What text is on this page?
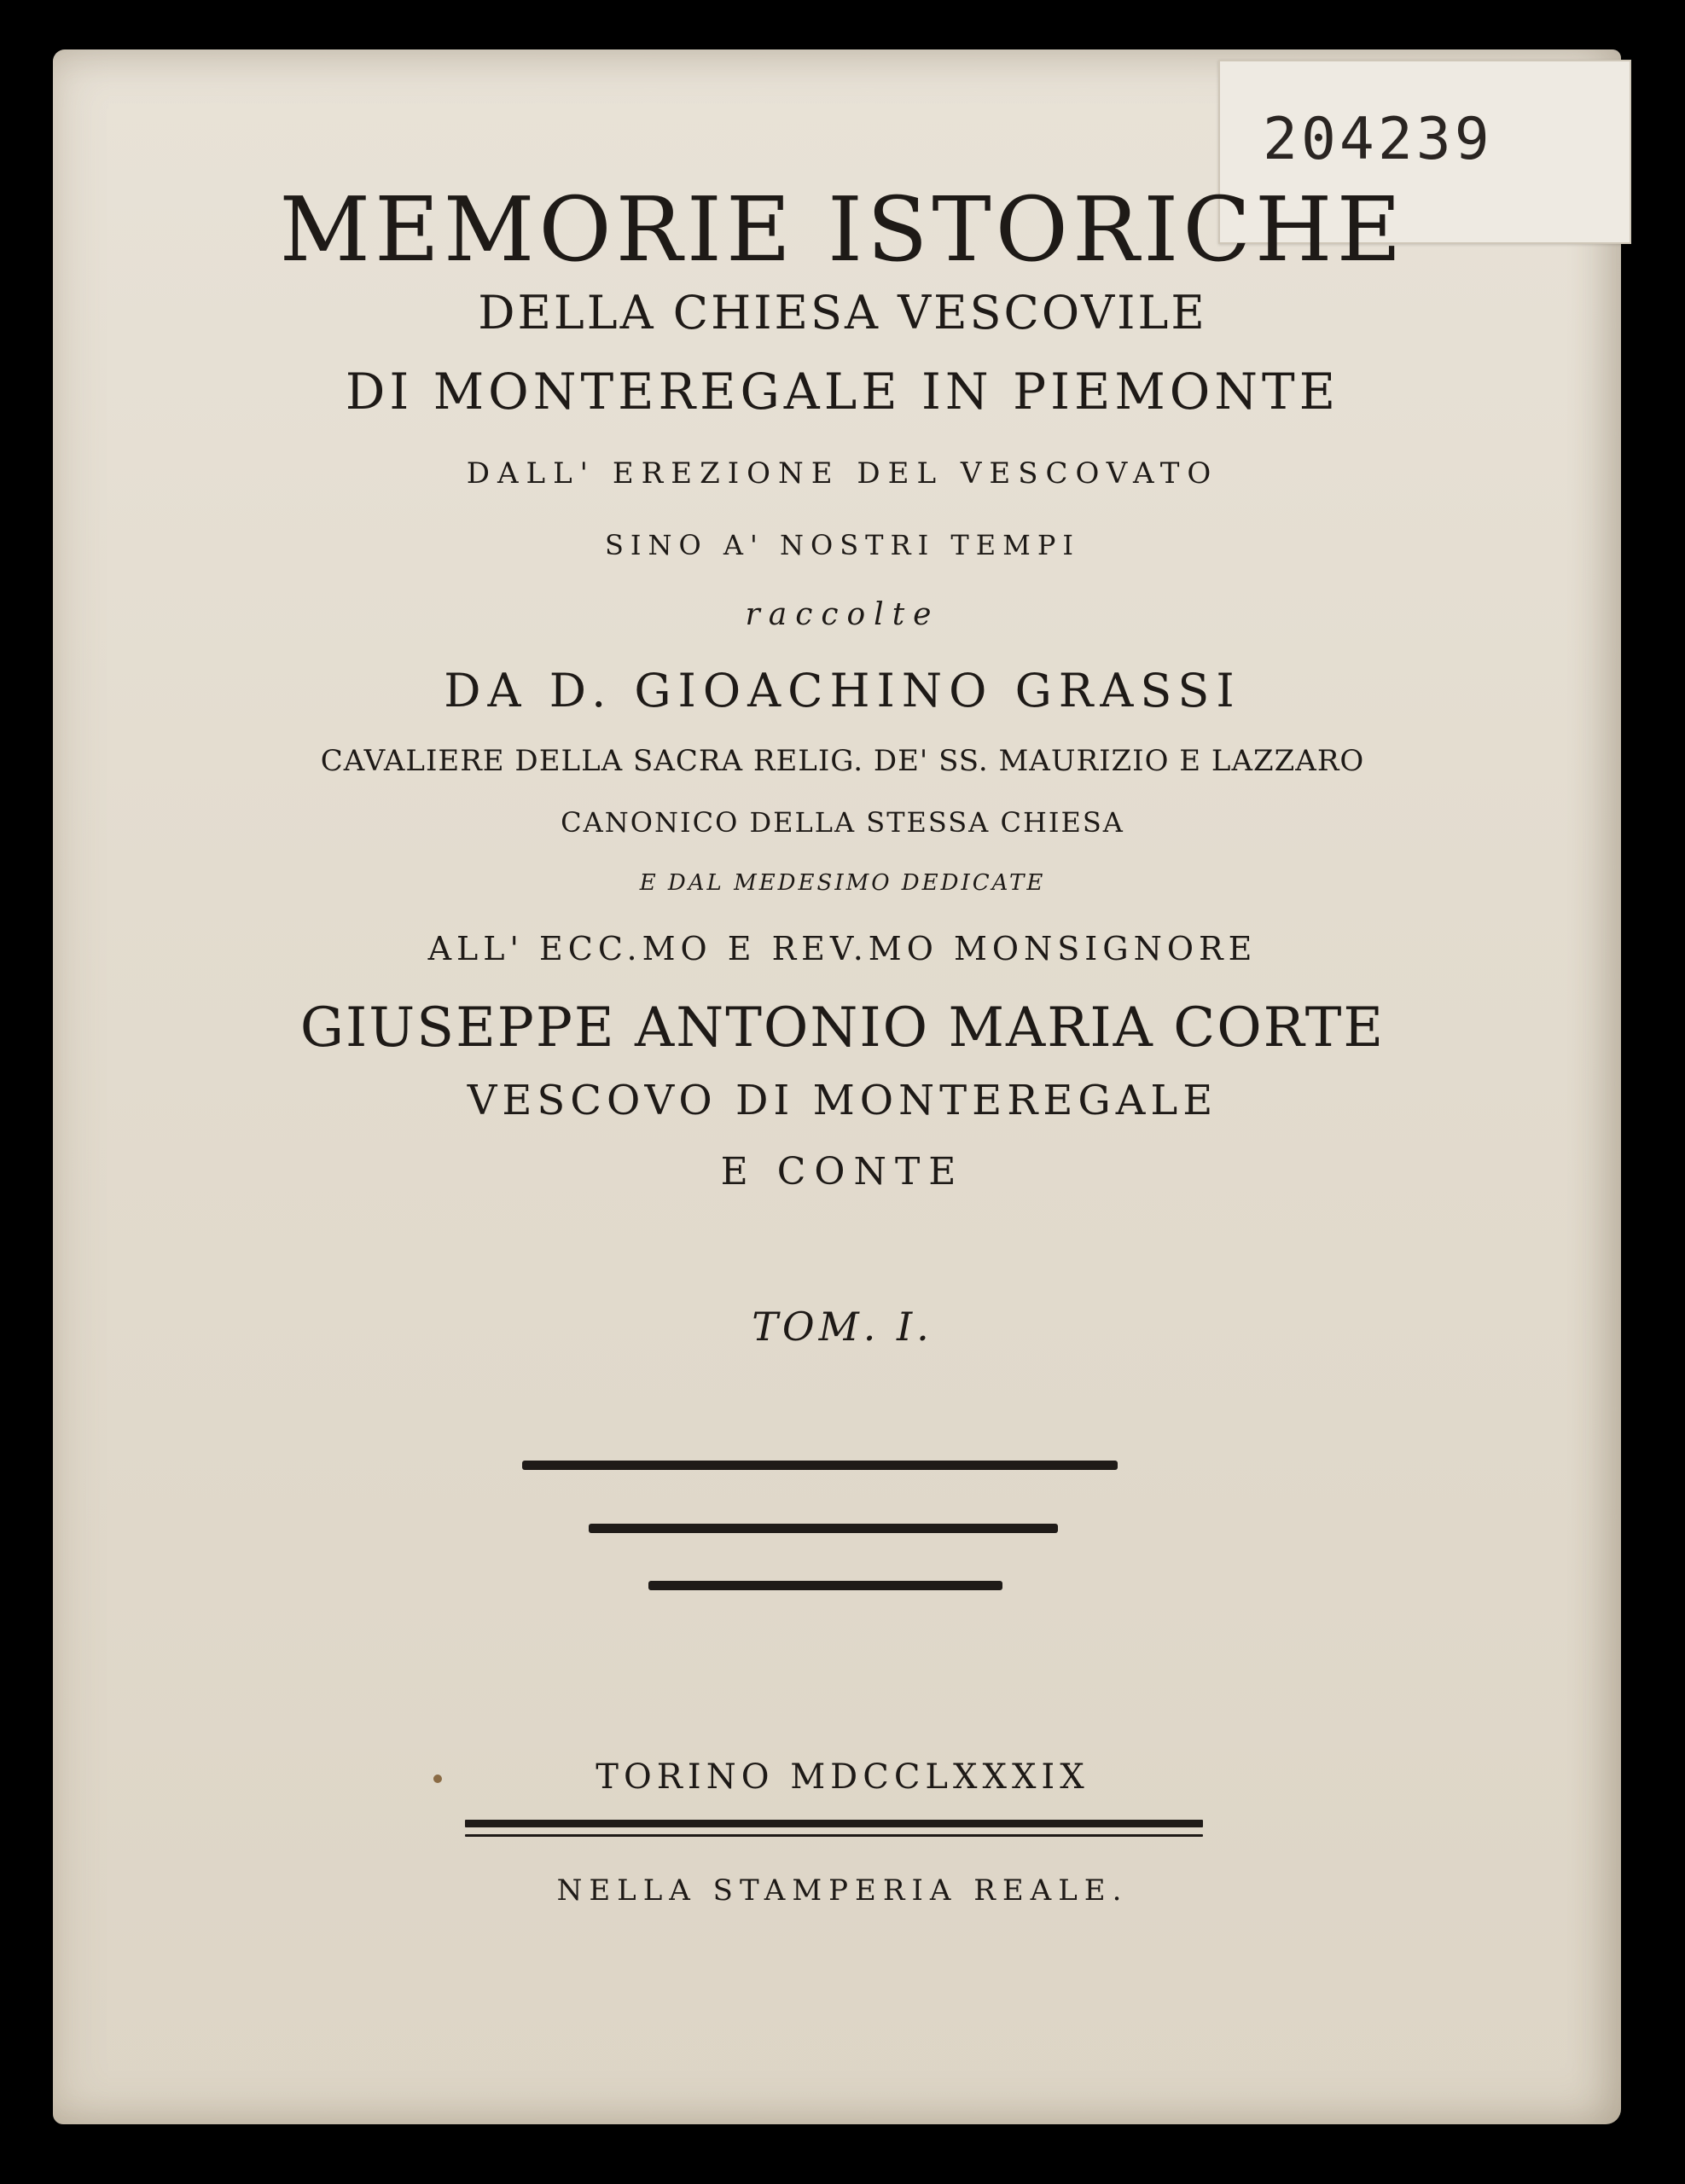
204239
MEMORIE ISTORICHE
DELLA CHIESA VESCOVILE
DI MONTEREGALE IN PIEMONTE
DALL' EREZIONE DEL VESCOVATO
SINO A' NOSTRI TEMPI
raccolte
DA D. GIOACHINO GRASSI
CAVALIERE DELLA SACRA RELIG. DE' SS. MAURIZIO E LAZZARO
CANONICO DELLA STESSA CHIESA
E DAL MEDESIMO DEDICATE
ALL' ECC.MO E REV.MO MONSIGNORE
GIUSEPPE ANTONIO MARIA CORTE
VESCOVO DI MONTEREGALE
E CONTE
TOM. I.
TORINO MDCCLXXXIX
NELLA STAMPERIA REALE.
